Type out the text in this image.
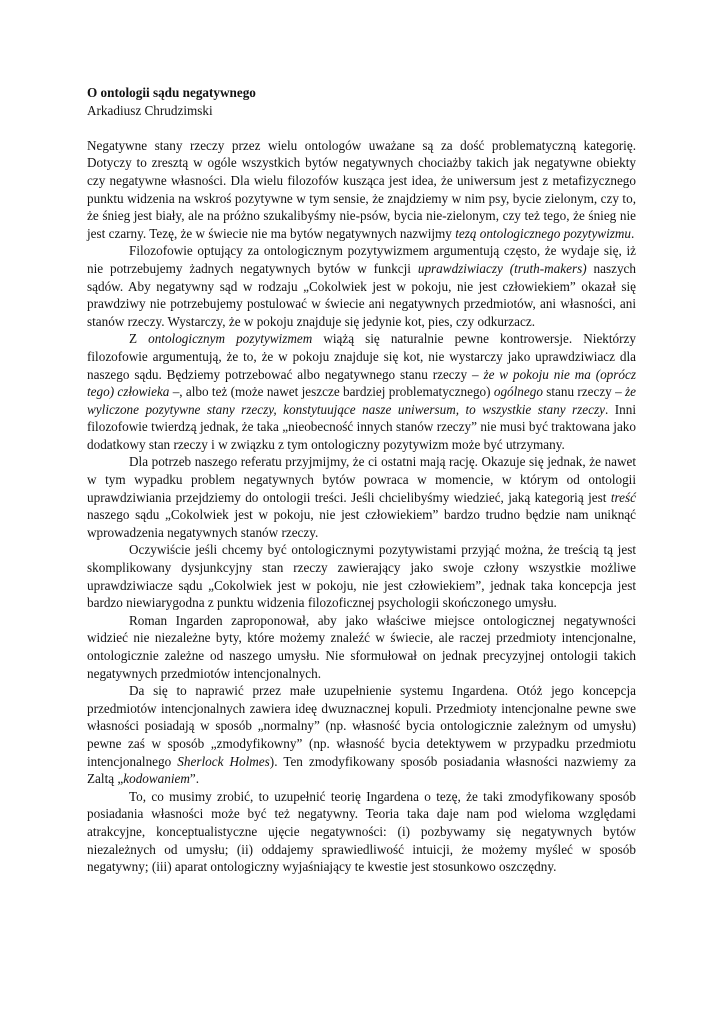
O ontologii sądu negatywnego
Arkadiusz Chrudzimski

Negatywne stany rzeczy przez wielu ontologów uważane są za dość problematyczną kategorię. Dotyczy to zresztą w ogóle wszystkich bytów negatywnych chociażby takich jak negatywne obiekty czy negatywne własności. Dla wielu filozofów kusząca jest idea, że uniwersum jest z metafizycznego punktu widzenia na wskroś pozytywne w tym sensie, że znajdziemy w nim psy, bycie zielonym, czy to, że śnieg jest biały, ale na próżno szukalibyśmy nie-psów, bycia nie-zielonym, czy też tego, że śnieg nie jest czarny. Tezę, że w świecie nie ma bytów negatywnych nazwijmy tezą ontologicznego pozytywizmu.

Filozofowie optujący za ontologicznym pozytywizmem argumentują często, że wydaje się, iż nie potrzebujemy żadnych negatywnych bytów w funkcji uprawdziwiaczy (truth-makers) naszych sądów. Aby negatywny sąd w rodzaju „Cokolwiek jest w pokoju, nie jest człowiekiem” okazał się prawdziwy nie potrzebujemy postulować w świecie ani negatywnych przedmiotów, ani własności, ani stanów rzeczy. Wystarczy, że w pokoju znajduje się jedynie kot, pies, czy odkurzacz.

Z ontologicznym pozytywizmem wiążą się naturalnie pewne kontrowersje. Niektórzy filozofowie argumentują, że to, że w pokoju znajduje się kot, nie wystarczy jako uprawdziwiacz dla naszego sądu. Będziemy potrzebować albo negatywnego stanu rzeczy – że w pokoju nie ma (oprócz tego) człowieka –, albo też (może nawet jeszcze bardziej problematycznego) ogólnego stanu rzeczy – że wyliczone pozytywne stany rzeczy, konstytuujące nasze uniwersum, to wszystkie stany rzeczy. Inni filozofowie twierdzą jednak, że taka „nieobecność innych stanów rzeczy” nie musi być traktowana jako dodatkowy stan rzeczy i w związku z tym ontologiczny pozytywizm może być utrzymany.

Dla potrzeb naszego referatu przyjmijmy, że ci ostatni mają rację. Okazuje się jednak, że nawet w tym wypadku problem negatywnych bytów powraca w momencie, w którym od ontologii uprawdziwiania przejdziemy do ontologii treści. Jeśli chcielibyśmy wiedzieć, jaką kategorią jest treść naszego sądu „Cokolwiek jest w pokoju, nie jest człowiekiem” bardzo trudno będzie nam uniknąć wprowadzenia negatywnych stanów rzeczy.

Oczywiście jeśli chcemy być ontologicznymi pozytywistami przyjąć można, że treścią tą jest skomplikowany dysjunkcyjny stan rzeczy zawierający jako swoje człony wszystkie możliwe uprawdziwiacze sądu „Cokolwiek jest w pokoju, nie jest człowiekiem”, jednak taka koncepcja jest bardzo niewiarygodna z punktu widzenia filozoficznej psychologii skończonego umysłu.

Roman Ingarden zaproponował, aby jako właściwe miejsce ontologicznej negatywności widzieć nie niezależne byty, które możemy znaleźć w świecie, ale raczej przedmioty intencjonalne, ontologicznie zależne od naszego umysłu. Nie sformułował on jednak precyzyjnej ontologii takich negatywnych przedmiotów intencjonalnych.

Da się to naprawić przez małe uzupełnienie systemu Ingardena. Otóż jego koncepcja przedmiotów intencjonalnych zawiera ideę dwuznacznej kopuli. Przedmioty intencjonalne pewne swe własności posiadają w sposób „normalny” (np. własność bycia ontologicznie zależnym od umysłu) pewne zaś w sposób „zmodyfikowny” (np. własność bycia detektywem w przypadku przedmiotu intencjonalnego Sherlock Holmes). Ten zmodyfikowany sposób posiadania własności nazwiemy za Zaltą „kodowaniem”.

To, co musimy zrobić, to uzupełnić teorię Ingardena o tezę, że taki zmodyfikowany sposób posiadania własności może być też negatywny. Teoria taka daje nam pod wieloma względami atrakcyjne, konceptualistyczne ujęcie negatywności: (i) pozbywamy się negatywnych bytów niezależnych od umysłu; (ii) oddajemy sprawiedliwość intuicji, że możemy myśleć w sposób negatywny; (iii) aparat ontologiczny wyjaśniający te kwestie jest stosunkowo oszczędny.
